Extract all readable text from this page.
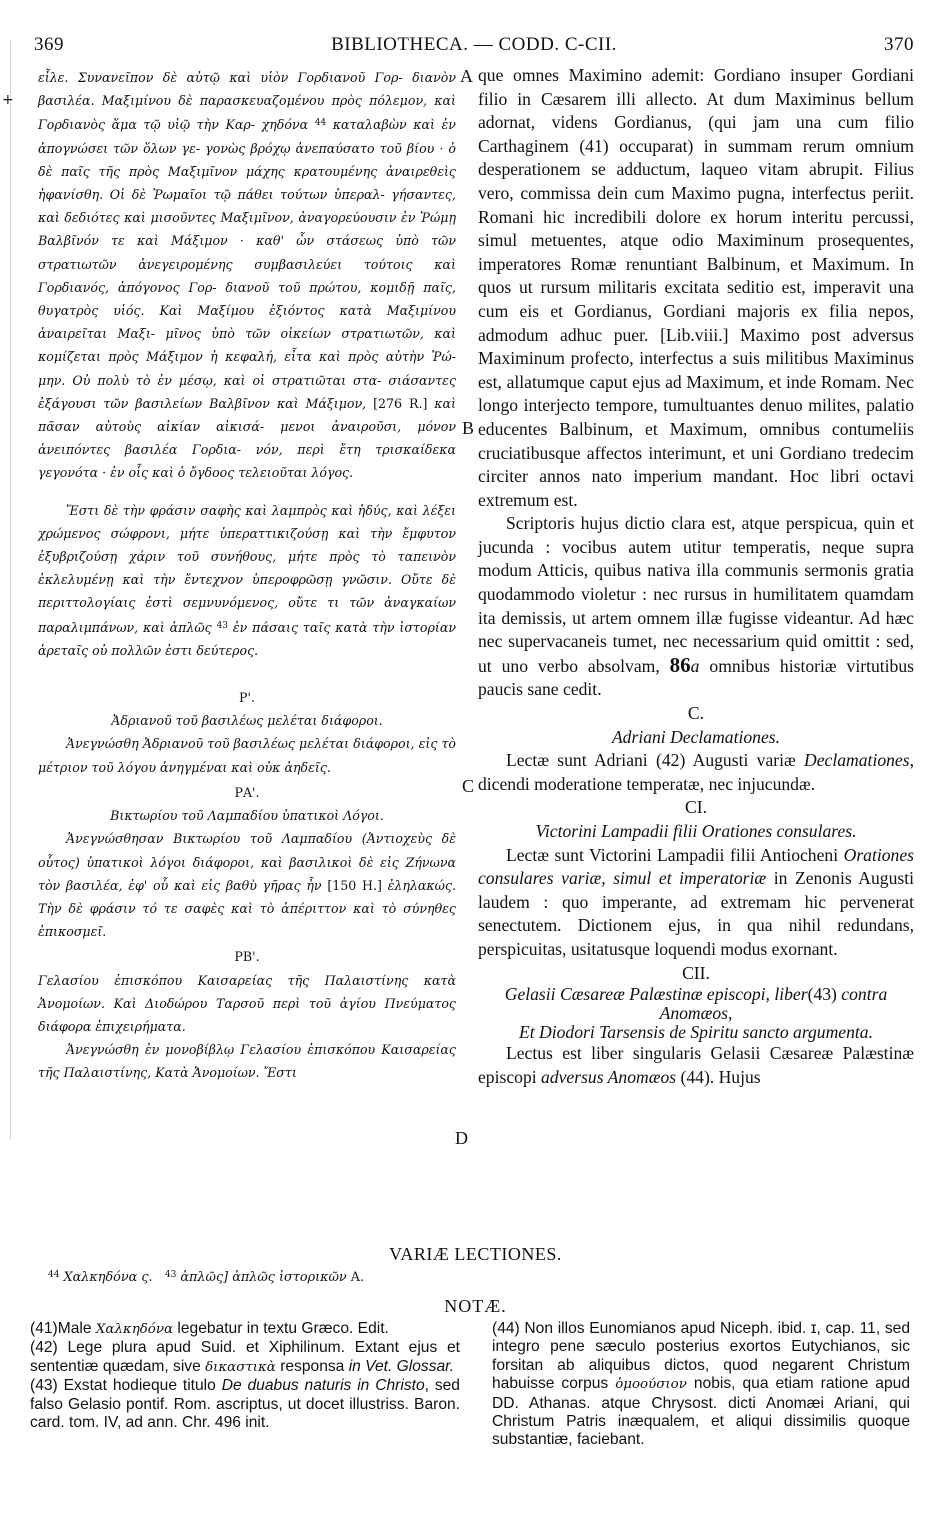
+
BIBLIOTHECA. — CODD. C-CII.
369	370

εἶλε. Συνανεῖπον δὲ αὐτῷ καὶ υἱὸν Γορδιανοῦ Γορ- διανὸν βασιλέα. Μαξιμίνου δὲ παρασκευαζομένου πρὸς πόλεμον, καὶ Γορδιανὸς ἅμα τῷ υἱῷ τὴν Καρ- χηδόνα $^{44}$ καταλαβὼν καὶ ἐν ἀπογνώσει τῶν ὅλων γε- γονὼς βρόχῳ ἀνεπαύσατο τοῦ βίου · ὁ δὲ παῖς τῆς πρὸς Μαξιμῖνον μάχης κρατουμένης ἀναιρεθεὶς ἠφανίσθη. Οἱ δὲ Ῥωμαῖοι τῷ πάθει τούτων ὑπεραλ- γήσαντες, καὶ δεδιότες καὶ μισοῦντες Μαξιμῖνον, ἀναγορεύουσιν ἐν Ῥώμῃ Βαλβῖνόν τε καὶ Μάξιμον · καθ' ὧν στάσεως ὑπὸ τῶν στρατιωτῶν ἀνεγειρομένης συμβασιλεύει τούτοις καὶ Γορδιανός, ἀπόγονος Γορ- διανοῦ τοῦ πρώτου, κομιδῇ παῖς, θυγατρὸς υἱός. Καὶ Μαξίμου ἐξιόντος κατὰ Μαξιμίνου ἀναιρεῖται Μαξι- μῖνος ὑπὸ τῶν οἰκείων στρατιωτῶν, καὶ κομίζεται πρὸς Μάξιμον ἡ κεφαλή, εἶτα καὶ πρὸς αὐτὴν Ῥώ- μην. Οὐ πολὺ τὸ ἐν μέσῳ, καὶ οἱ στρατιῶται στα- σιάσαντες ἐξάγουσι τῶν βασιλείων Βαλβῖνον καὶ Μάξιμον, [276 R.] καὶ πᾶσαν αὐτοὺς αἰκίαν αἰκισά- μενοι ἀναιροῦσι, μόνον ἀνειπόντες βασιλέα Γορδια- νόν, περὶ ἔτη τρισκαίδεκα γεγονότα · ἐν οἷς καὶ ὁ ὄγδοος τελειοῦται λόγος.

Ἔστι δὲ τὴν φράσιν σαφὴς καὶ λαμπρὸς καὶ ἡδύς, καὶ λέξει χρώμενος σώφρονι, μήτε ὑπεραττικιζούσῃ καὶ τὴν ἔμφυτον ἐξυβριζούσῃ χάριν τοῦ συνήθους, μήτε πρὸς τὸ ταπεινὸν ἐκλελυμένῃ καὶ τὴν ἔντεχνον ὑπεροφρῶσῃ γνῶσιν. Οὔτε δὲ περιττολογίαις ἐστὶ σεμνυνόμενος, οὔτε τι τῶν ἀναγκαίων παραλιμπάνων, καὶ ἁπλῶς $^{43}$ ἐν πάσαις ταῖς κατὰ τὴν ἱστορίαν ἀρεταῖς οὐ πολλῶν ἐστι δεύτερος.

Ρ'.

Ἀδριανοῦ τοῦ βασιλέως μελέται διάφοροι.

Ἀνεγνώσθη Ἀδριανοῦ τοῦ βασιλέως μελέται διάφοροι, εἰς τὸ μέτριον τοῦ λόγου ἀνηγμέναι καὶ οὐκ ἀηδεῖς.

ΡΑ'.

Βικτωρίου τοῦ Λαμπαδίου ὑπατικοὶ Λόγοι.

Ἀνεγνώσθησαν Βικτωρίου τοῦ Λαμπαδίου (Ἀντιοχεὺς δὲ οὗτος) ὑπατικοὶ λόγοι διάφοροι, καὶ βασιλικοὶ δὲ εἰς Ζήνωνα τὸν βασιλέα, ἐφ' οὗ καὶ εἰς βαθὺ γῆρας ἦν [150 H.] ἐληλακώς. Τὴν δὲ φράσιν τό τε σαφὲς καὶ τὸ ἀπέριττον καὶ τὸ σύνηθες ἐπικοσμεῖ.

ΡΒ'.

Γελασίου ἐπισκόπου Καισαρείας τῆς Παλαιστίνης κατὰ Ἀνομοίων. Καὶ Διοδώρου Ταρσοῦ περὶ τοῦ ἁγίου Πνεύματος διάφορα ἐπιχειρήματα.

Ἀνεγνώσθη ἐν μονοβίβλῳ Γελασίου ἐπισκόπου Καισαρείας τῆς Παλαιστίνης, Κατὰ Ἀνομοίων. Ἔστι

A
B
C
D

que omnes Maximino ademit: Gordiano insuper Gordiani filio in Cæsarem illi allecto. At dum Maximinus bellum adornat, videns Gordianus, (qui jam una cum filio Carthaginem (41) occuparat) in summam rerum omnium desperationem se adductum, laqueo vitam abrupit. Filius vero, commissa dein cum Maximo pugna, interfectus periit. Romani hic incredibili dolore ex horum interitu percussi, simul metuentes, atque odio Maximinum prosequentes, imperatores Romæ renuntiant Balbinum, et Maximum. In quos ut rursum militaris excitata seditio est, imperavit una cum eis et Gordianus, Gordiani majoris ex filia nepos, admodum adhuc puer. [Lib.viii.] Maximo post adversus Maximinum profecto, interfectus a suis militibus Maximinus est, allatumque caput ejus ad Maximum, et inde Romam. Nec longo interjecto tempore, tumultuantes denuo milites, palatio educentes Balbinum, et Maximum, omnibus contumeliis cruciatibusque affectos interimunt, et uni Gordiano tredecim circiter annos nato imperium mandant. Hoc libri octavi extremum est.

Scriptoris hujus dictio clara est, atque perspicua, quin et jucunda : vocibus autem utitur temperatis, neque supra modum Atticis, quibus nativa illa communis sermonis gratia quodammodo violetur : nec rursus in humilitatem quamdam ita demissis, ut artem omnem illæ fugisse videantur. Ad hæc nec supervacaneis tumet, nec necessarium quid omittit : sed, ut uno verbo absolvam, 86a omnibus historiæ virtutibus paucis sane cedit.

C.

Adriani Declamationes.

Lectæ sunt Adriani (42) Augusti variæ Declamationes, dicendi moderatione temperatæ, nec injucundæ.

CI.

Victorini Lampadii filii Orationes consulares.

Lectæ sunt Victorini Lampadii filii Antiocheni Orationes consulares variæ, simul et imperatoriæ in Zenonis Augusti laudem : quo imperante, ad extremam hic pervenerat senectutem. Dictionem ejus, in qua nihil redundans, perspicuitas, usitatusque loquendi modus exornant.

CII.

Gelasii Cæsareæ Palæstinæ episcopi, liber(43) contra Anomæos,
Et Diodori Tarsensis de Spiritu sancto argumenta.

Lectus est liber singularis Gelasii Cæsareæ Palæstinæ episcopi adversus Anomæos (44). Hujus

VARIÆ LECTIONES.
$^{44}$ Χαλκηδόνα ς. $^{43}$ ἁπλῶς] ἁπλῶς ἱστορικῶν A.
NOTÆ.

(41)Male Χαλκηδόνα legebatur in textu Græco. Edit.

(42) Lege plura apud Suid. et Xiphilinum. Extant ejus et sententiæ quædam, sive δικαστικὰ responsa in Vet. Glossar.

(43) Exstat hodieque titulo De duabus naturis in Christo, sed falso Gelasio pontif. Rom. ascriptus, ut docet illustriss. Baron. card. tom. IV, ad ann. Chr. 496 init.

(44) Non illos Eunomianos apud Niceph. ibid. ɪ, cap. 11, sed integro pene sæculo posterius exortos Eutychianos, sic forsitan ab aliquibus dictos, quod negarent Christum habuisse corpus ὁμοούσιον nobis, qua etiam ratione apud DD. Athanas. atque Chrysost. dicti Anomæi Ariani, qui Christum Patris inæqualem, et aliqui dissimilis quoque substantiæ, faciebant.
